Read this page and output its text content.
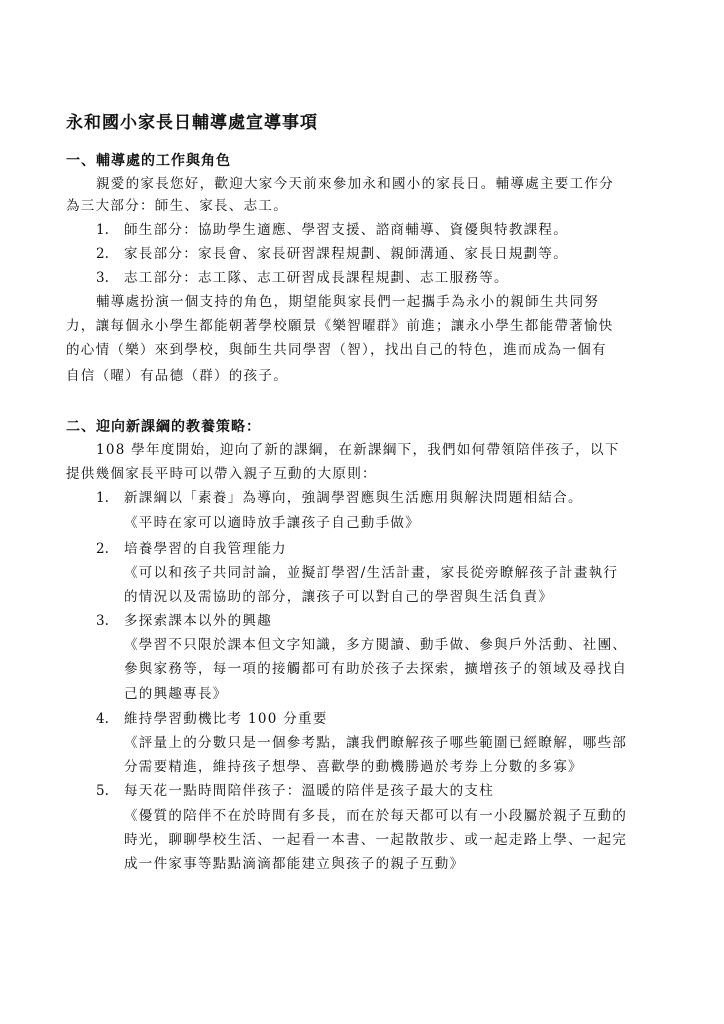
永和國小家長日輔導處宣導事項
一、輔導處的工作與角色
親愛的家長您好，歡迎大家今天前來參加永和國小的家長日。輔導處主要工作分
為三大部分：師生、家長、志工。
1. 師生部分：協助學生適應、學習支援、諮商輔導、資優與特教課程。
2. 家長部分：家長會、家長研習課程規劃、親師溝通、家長日規劃等。
3. 志工部分：志工隊、志工研習成長課程規劃、志工服務等。
輔導處扮演一個支持的角色，期望能與家長們一起攜手為永小的親師生共同努
力，讓每個永小學生都能朝著學校願景《樂智曜群》前進；讓永小學生都能帶著愉快
的心情（樂）來到學校，與師生共同學習（智），找出自己的特色，進而成為一個有
自信（曜）有品德（群）的孩子。
二、迎向新課綱的教養策略：
108 學年度開始，迎向了新的課綱，在新課綱下，我們如何帶領陪伴孩子，以下
提供幾個家長平時可以帶入親子互動的大原則：
1. 新課綱以「素養」為導向，強調學習應與生活應用與解決問題相結合。
《平時在家可以適時放手讓孩子自己動手做》
2. 培養學習的自我管理能力
《可以和孩子共同討論，並擬訂學習/生活計畫，家長從旁瞭解孩子計畫執行
的情況以及需協助的部分，讓孩子可以對自己的學習與生活負責》
3. 多探索課本以外的興趣
《學習不只限於課本但文字知識，多方閱讀、動手做、參與戶外活動、社團、
參與家務等，每一項的接觸都可有助於孩子去探索，擴增孩子的領域及尋找自
己的興趣專長》
4. 維持學習動機比考 100 分重要
《評量上的分數只是一個參考點，讓我們瞭解孩子哪些範圍已經瞭解，哪些部
分需要精進，維持孩子想學、喜歡學的動機勝過於考券上分數的多寡》
5. 每天花一點時間陪伴孩子：溫暖的陪伴是孩子最大的支柱
《優質的陪伴不在於時間有多長，而在於每天都可以有一小段屬於親子互動的
時光，聊聊學校生活、一起看一本書、一起散散步、或一起走路上學、一起完
成一件家事等點點滴滴都能建立與孩子的親子互動》
